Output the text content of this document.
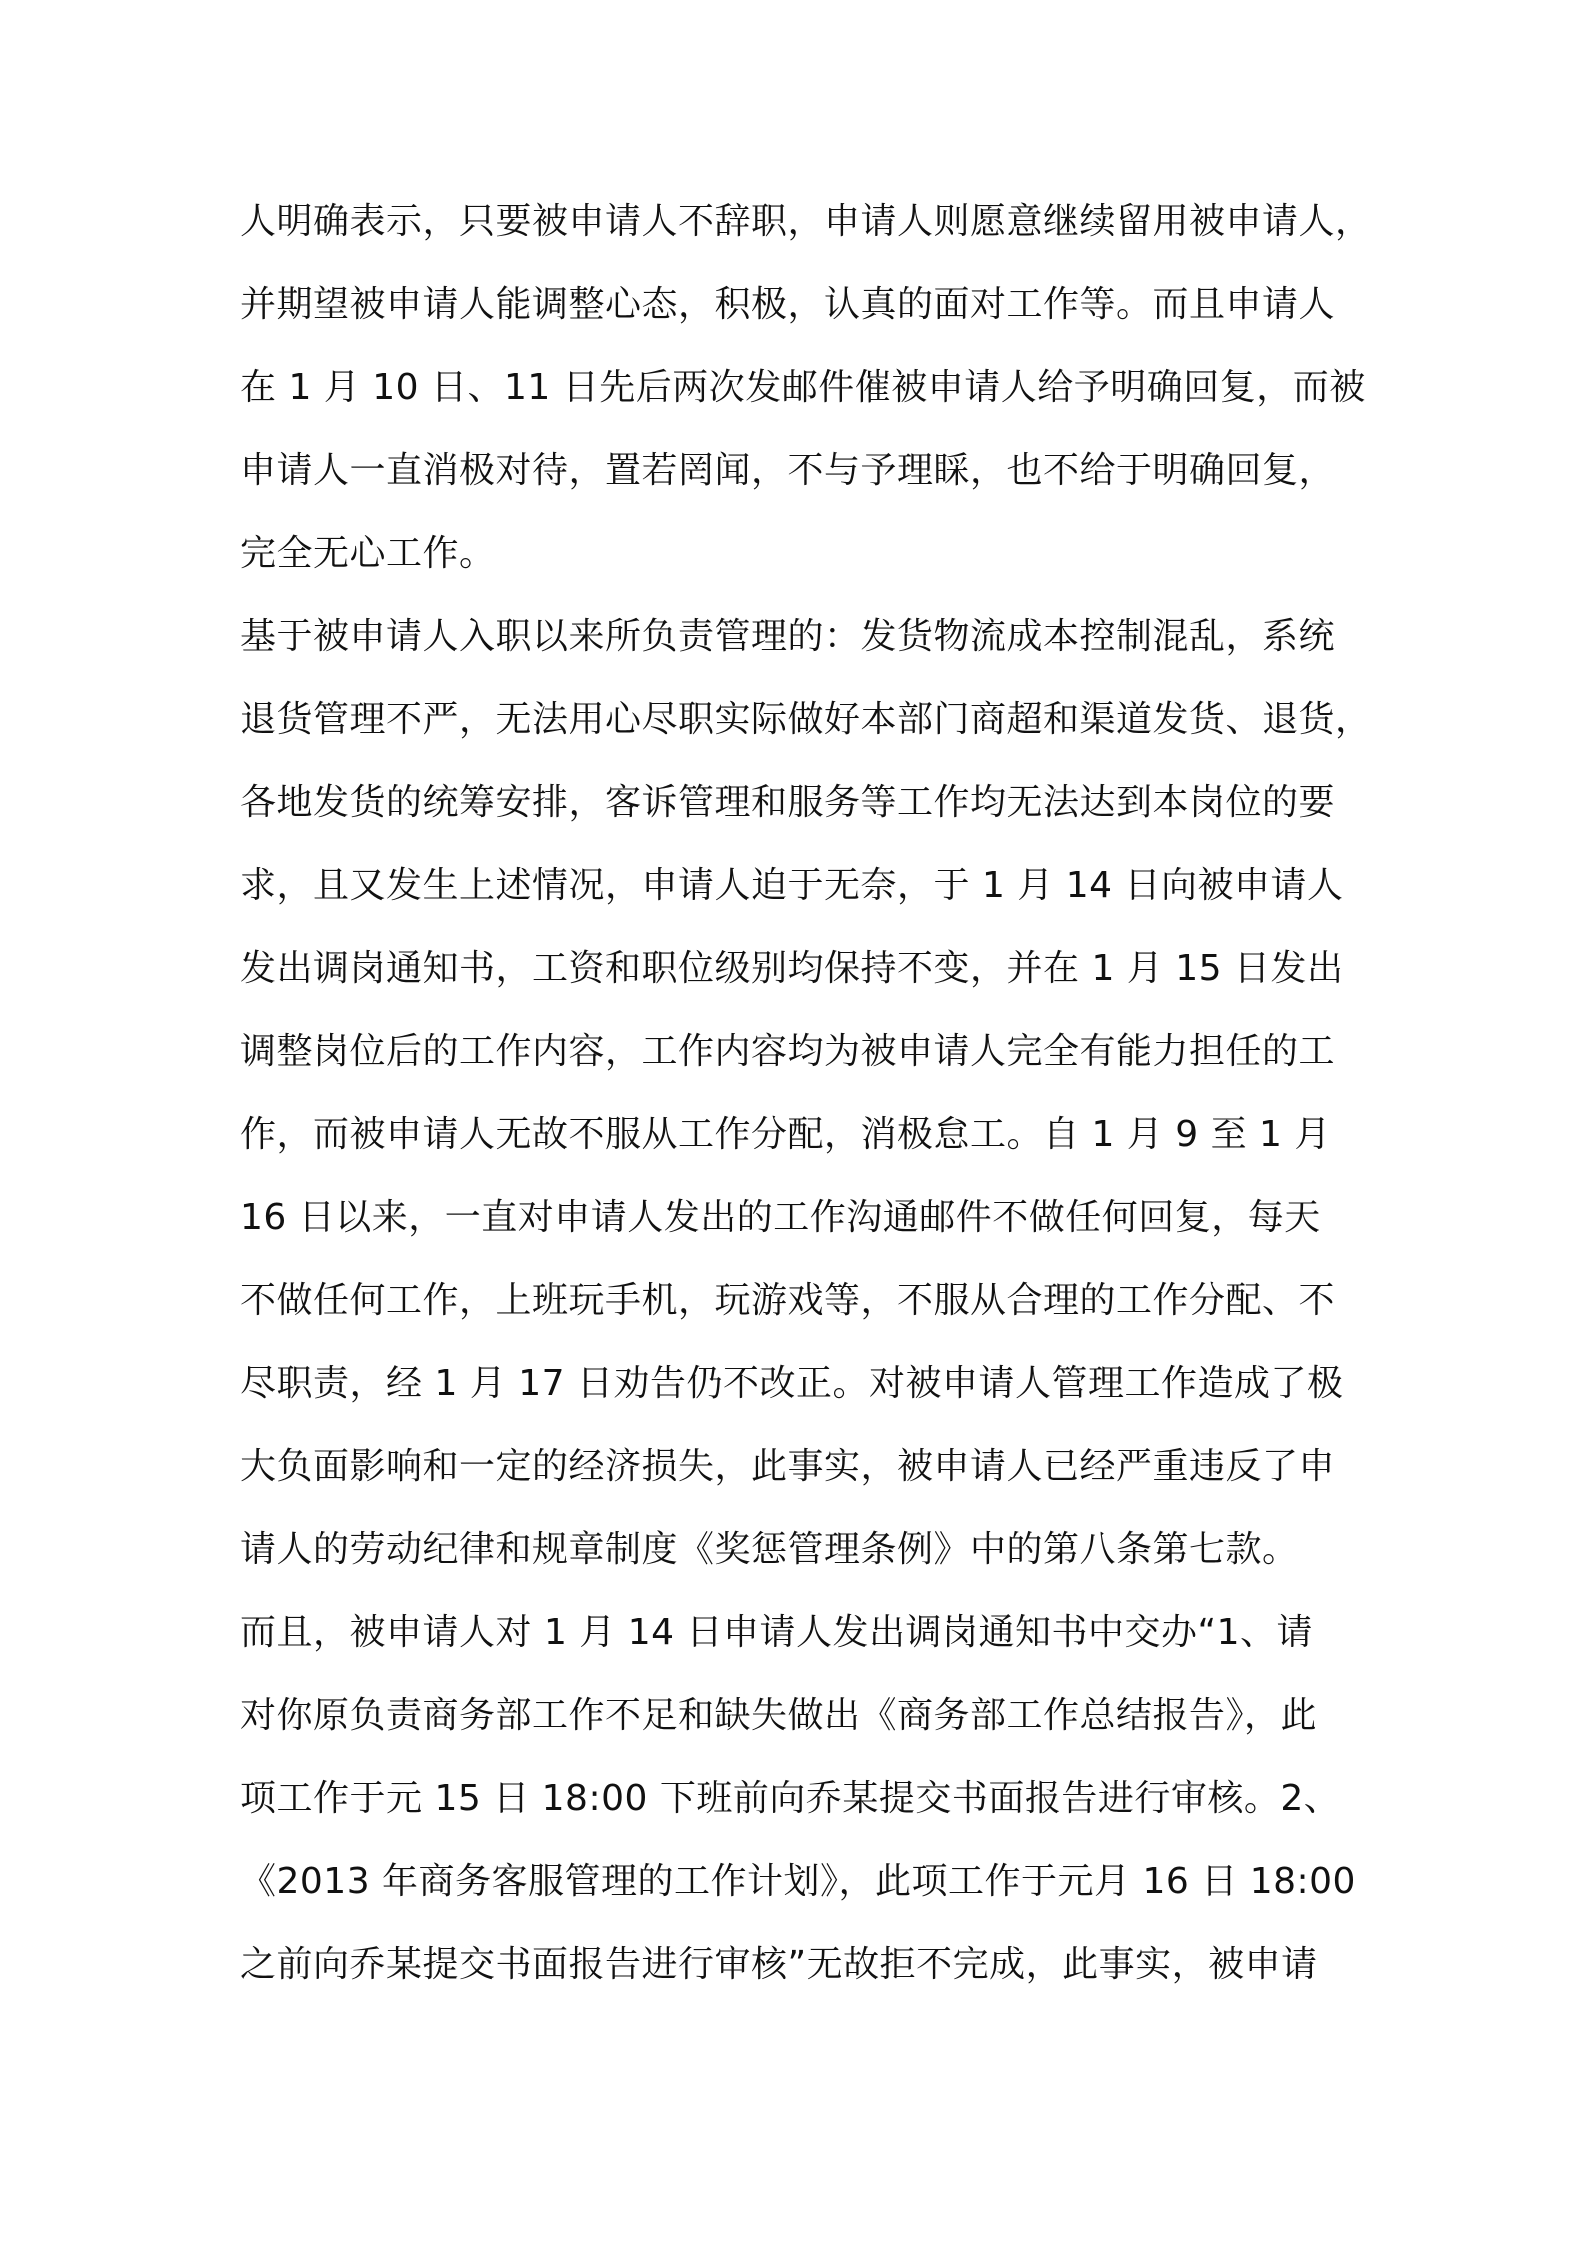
人明确表示，只要被申请人不辞职，申请人则愿意继续留用被申请人，
并期望被申请人能调整心态，积极，认真的面对工作等。而且申请人
在 1 月 10 日、11 日先后两次发邮件催被申请人给予明确回复，而被
申请人一直消极对待，置若罔闻，不与予理睬，也不给于明确回复，
完全无心工作。
基于被申请人入职以来所负责管理的：发货物流成本控制混乱，系统
退货管理不严，无法用心尽职实际做好本部门商超和渠道发货、退货，
各地发货的统筹安排，客诉管理和服务等工作均无法达到本岗位的要
求，且又发生上述情况，申请人迫于无奈，于 1 月 14 日向被申请人
发出调岗通知书，工资和职位级别均保持不变，并在 1 月 15 日发出
调整岗位后的工作内容，工作内容均为被申请人完全有能力担任的工
作，而被申请人无故不服从工作分配，消极怠工。自 1 月 9 至 1 月
16 日以来，一直对申请人发出的工作沟通邮件不做任何回复，每天
不做任何工作，上班玩手机，玩游戏等，不服从合理的工作分配、不
尽职责，经 1 月 17 日劝告仍不改正。对被申请人管理工作造成了极
大负面影响和一定的经济损失，此事实，被申请人已经严重违反了申
请人的劳动纪律和规章制度《奖惩管理条例》中的第八条第七款。
而且，被申请人对 1 月 14 日申请人发出调岗通知书中交办“1、请
对你原负责商务部工作不足和缺失做出《商务部工作总结报告》，此
项工作于元 15 日 18:00 下班前向乔某提交书面报告进行审核。2、
《2013 年商务客服管理的工作计划》，此项工作于元月 16 日 18:00
之前向乔某提交书面报告进行审核”无故拒不完成，此事实，被申请
